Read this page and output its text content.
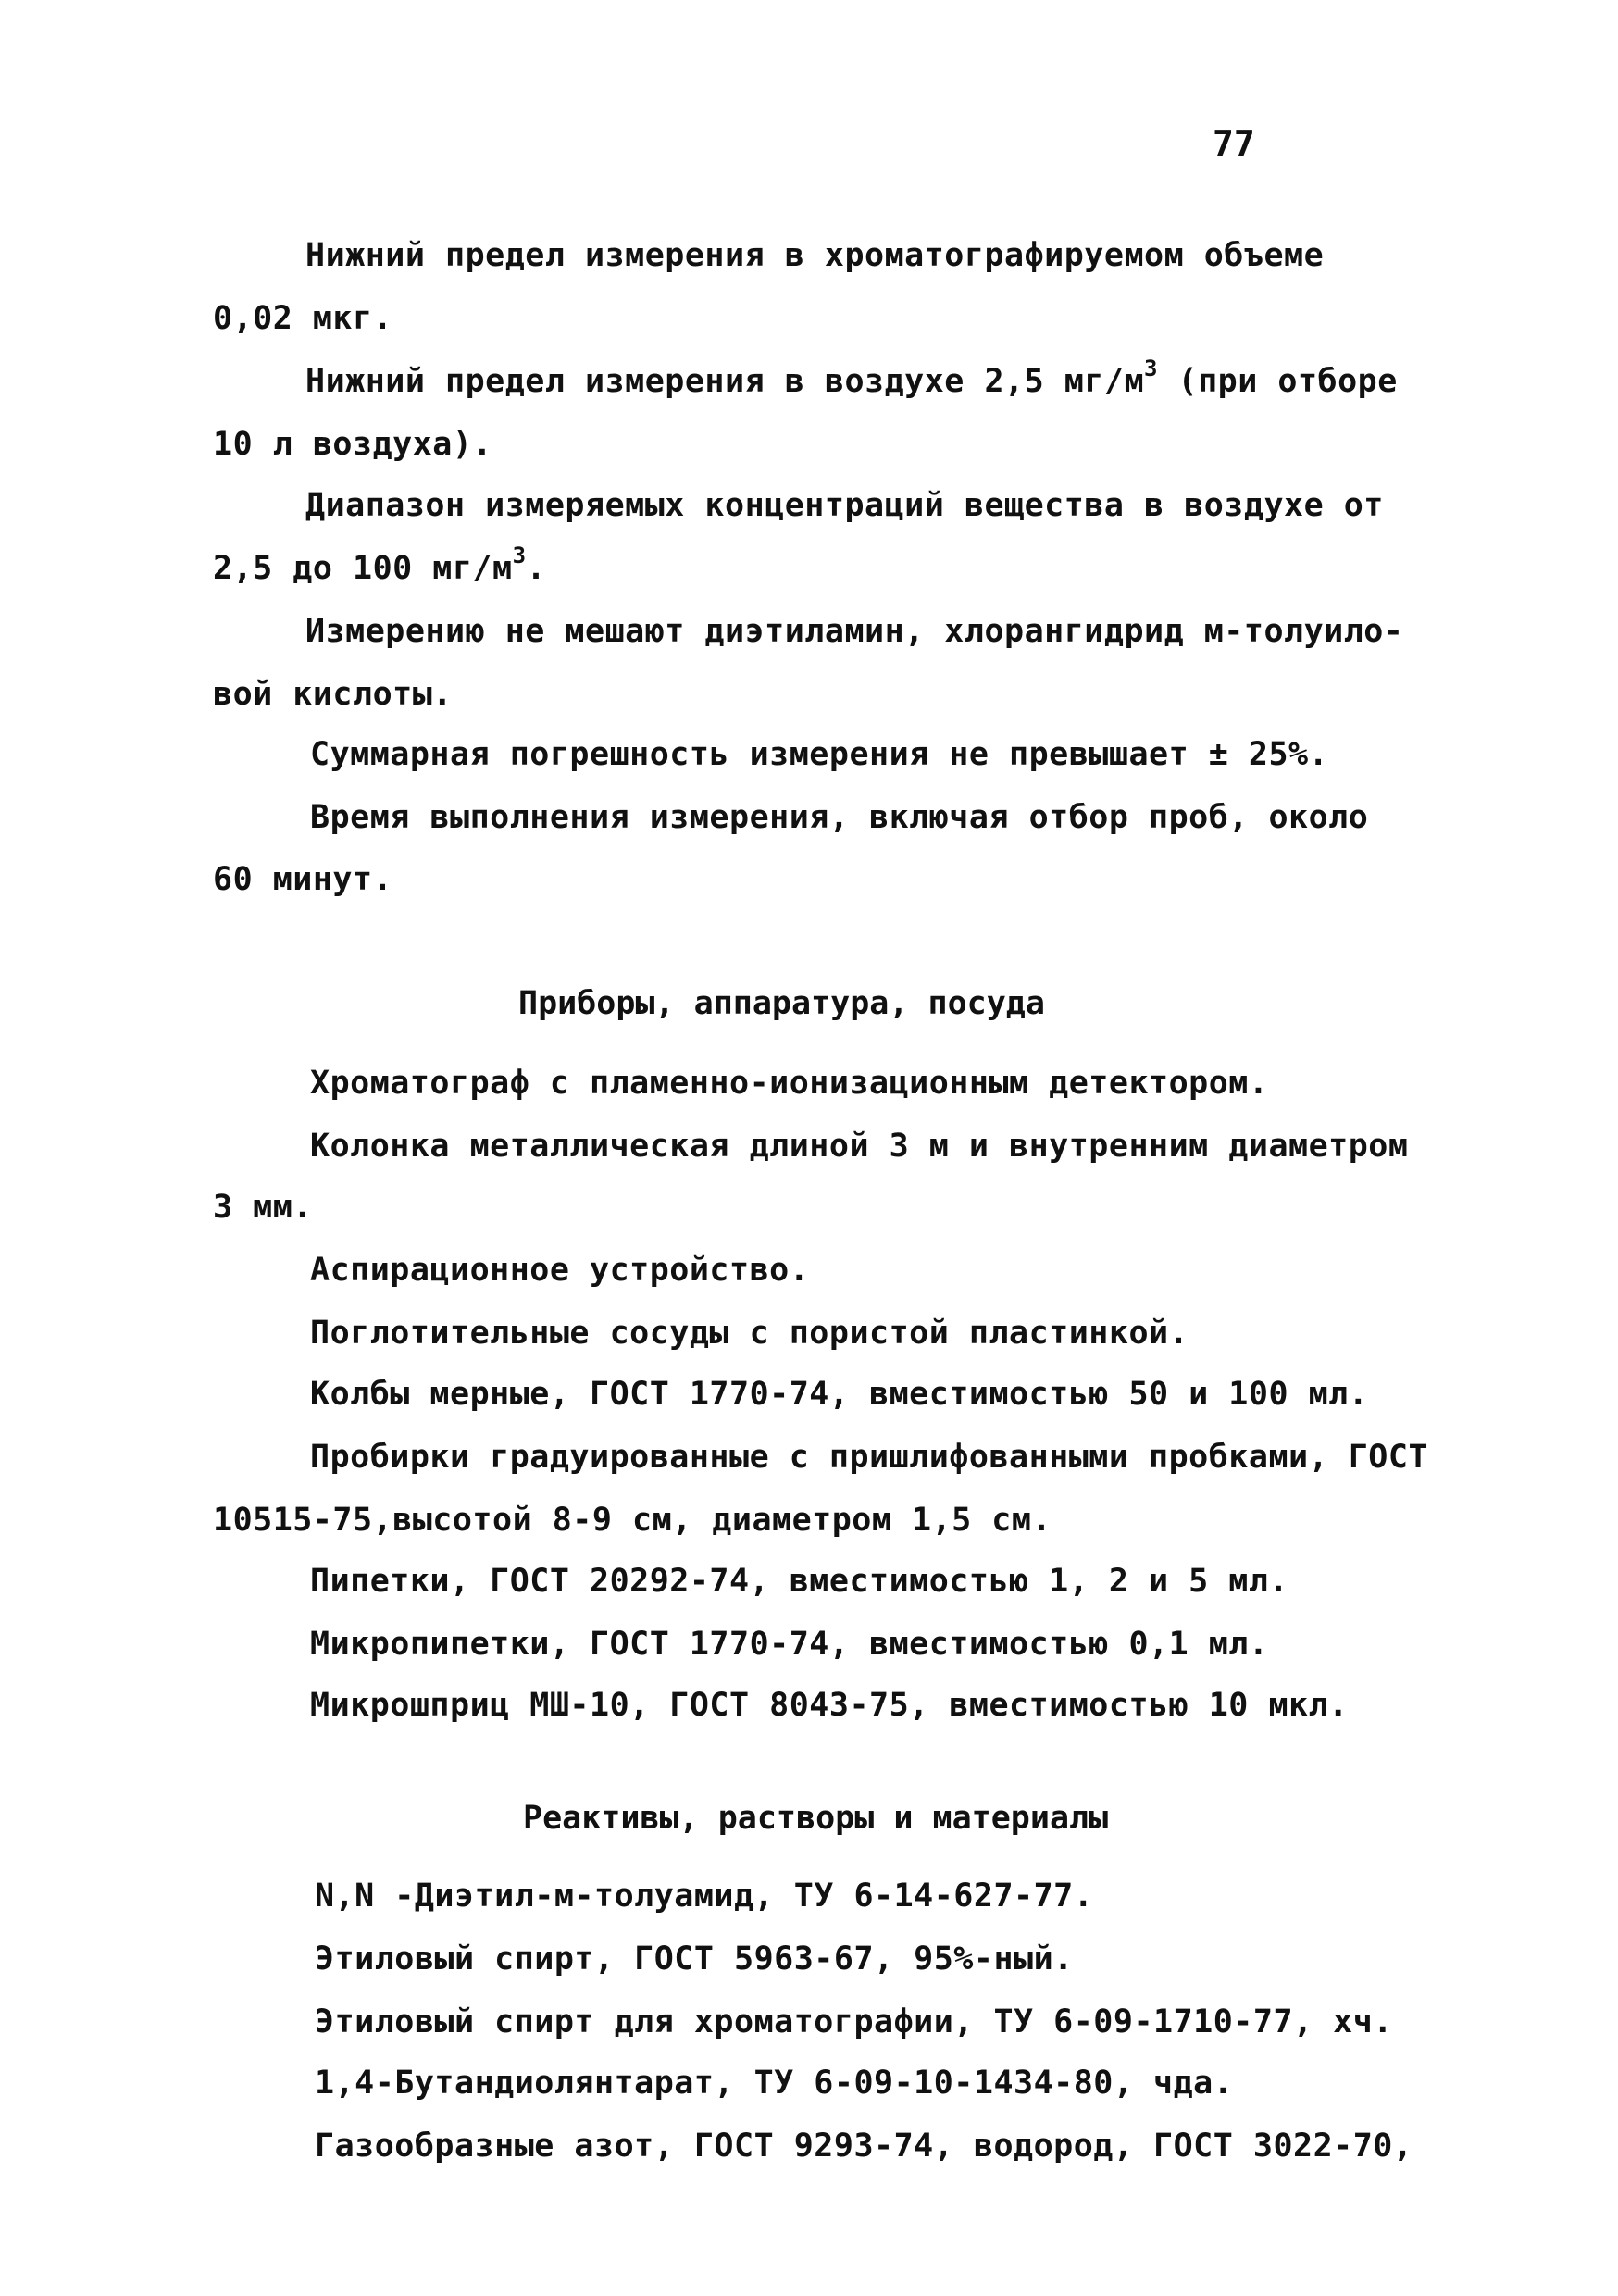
77
Нижний предел измерения в хроматографируемом объеме
0,02 мкг.
Нижний предел измерения в воздухе 2,5 $мг/м^3$ (при отборе
10 л воздуха).
Диапазон измеряемых концентраций вещества в воздухе от
2,5 до 100 $мг/м^3$.
Измерению не мешают диэтиламин, хлорангидрид м-толуило-
вой кислоты.
Суммарная погрешность измерения не превышает ± 25%.
Время выполнения измерения, включая отбор проб, около
60 минут.
Приборы, аппаратура, посуда
Хроматограф с пламенно-ионизационным детектором.
Колонка металлическая длиной 3 м и внутренним диаметром
3 мм.
Аспирационное устройство.
Поглотительные сосуды с пористой пластинкой.
Колбы мерные, ГОСТ 1770-74, вместимостью 50 и 100 мл.
Пробирки градуированные с пришлифованными пробками, ГОСТ
10515-75,высотой 8-9 см, диаметром 1,5 см.
Пипетки, ГОСТ 20292-74, вместимостью 1, 2 и 5 мл.
Микропипетки, ГОСТ 1770-74, вместимостью 0,1 мл.
Микрошприц МШ-10, ГОСТ 8043-75, вместимостью 10 мкл.
Реактивы, растворы и материалы
N,N -Диэтил-м-толуамид, ТУ 6-14-627-77.
Этиловый спирт, ГОСТ 5963-67, 95%-ный.
Этиловый спирт для хроматографии, ТУ 6-09-1710-77, хч.
1,4-Бутандиолянтарат, ТУ 6-09-10-1434-80, чда.
Газообразные азот, ГОСТ 9293-74, водород, ГОСТ 3022-70,
